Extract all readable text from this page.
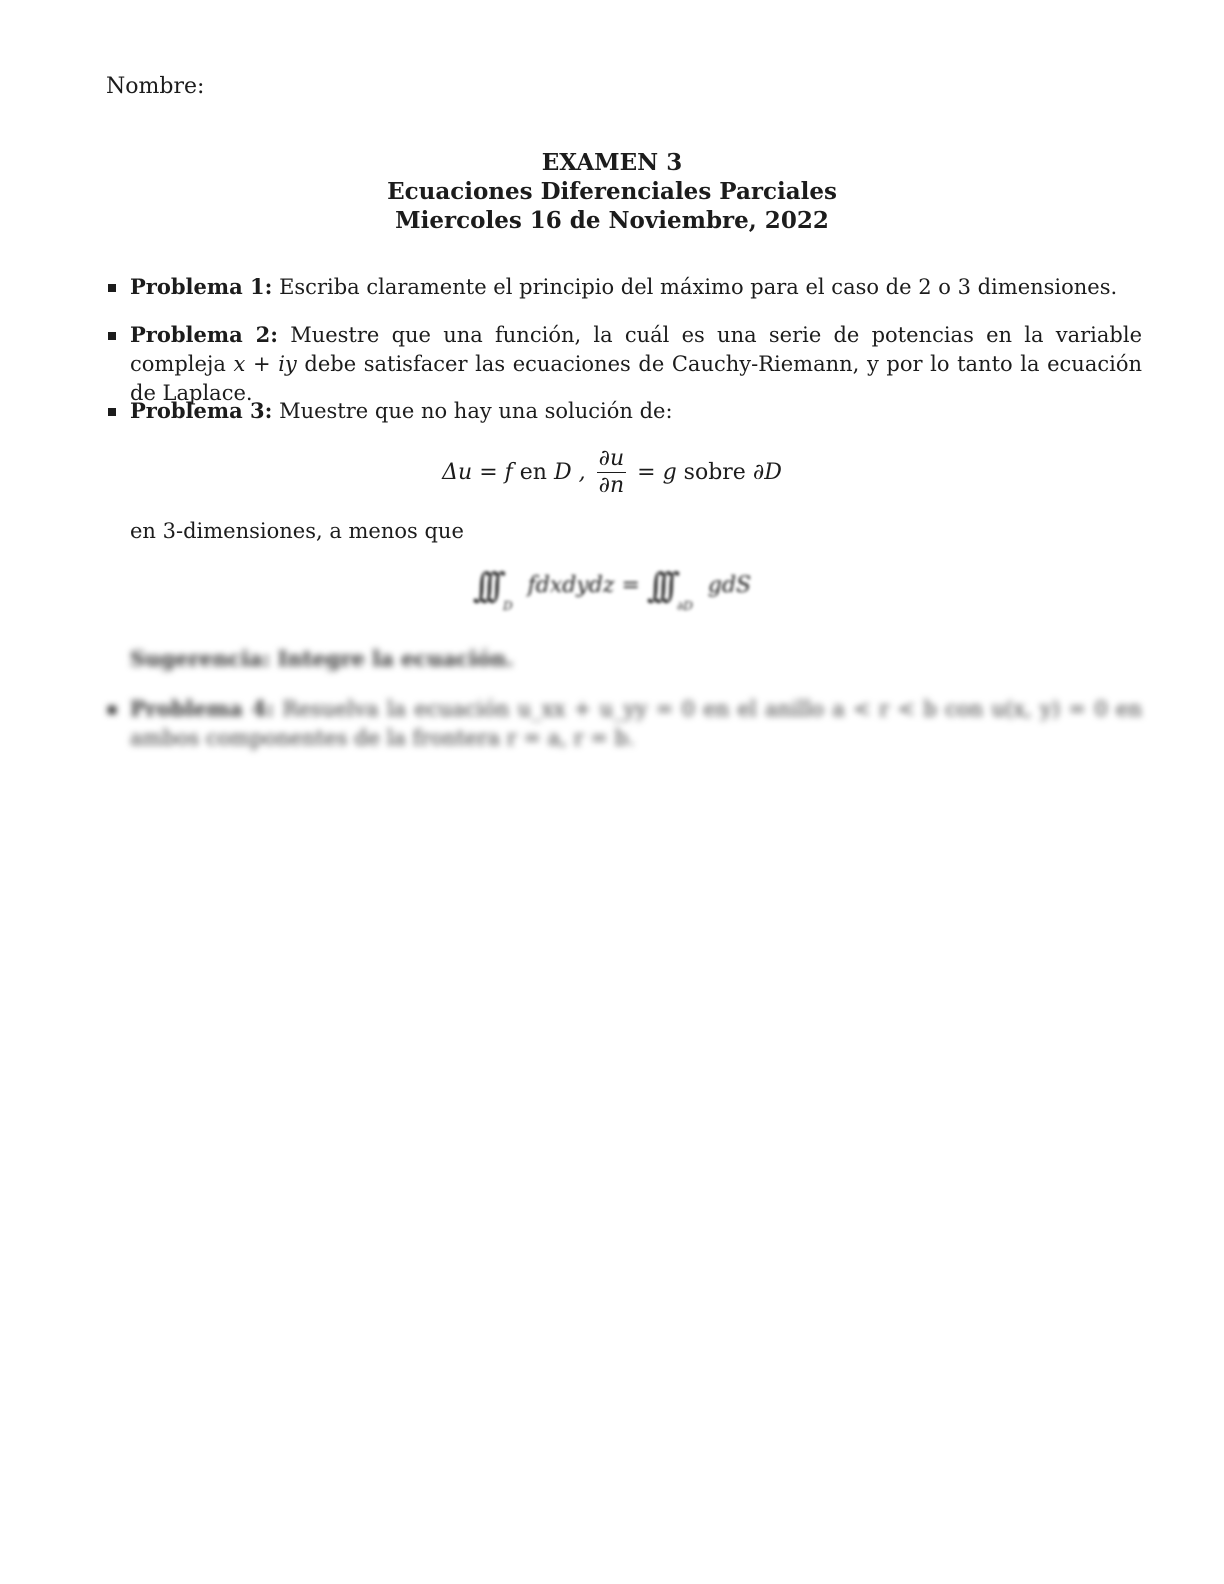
Nombre:
EXAMEN 3
Ecuaciones Diferenciales Parciales
Miercoles 16 de Noviembre, 2022
Problema 1: Escriba claramente el principio del máximo para el caso de 2 o 3 dimensiones.
Problema 2: Muestre que una función, la cuál es una serie de potencias en la variable compleja x + iy debe satisfacer las ecuaciones de Cauchy-Riemann, y por lo tanto la ecuación de Laplace.
Problema 3: Muestre que no hay una solución de:
Δu = f en D , $\frac{\partial u}{\partial n} = g$ sobre ∂D
en 3-dimensiones, a menos que
∫∫∫ $_D$ fdxdydz = ∫∫∫ $_{\partial D}$ gdS
Sugerencia: Integre la ecuación.
Problema 4: Resuelva la ecuación u_xx + u_yy = 0 en el anillo a < r < b con u(x, y) = 0 en ambos componentes de la frontera r = a, r = b.
